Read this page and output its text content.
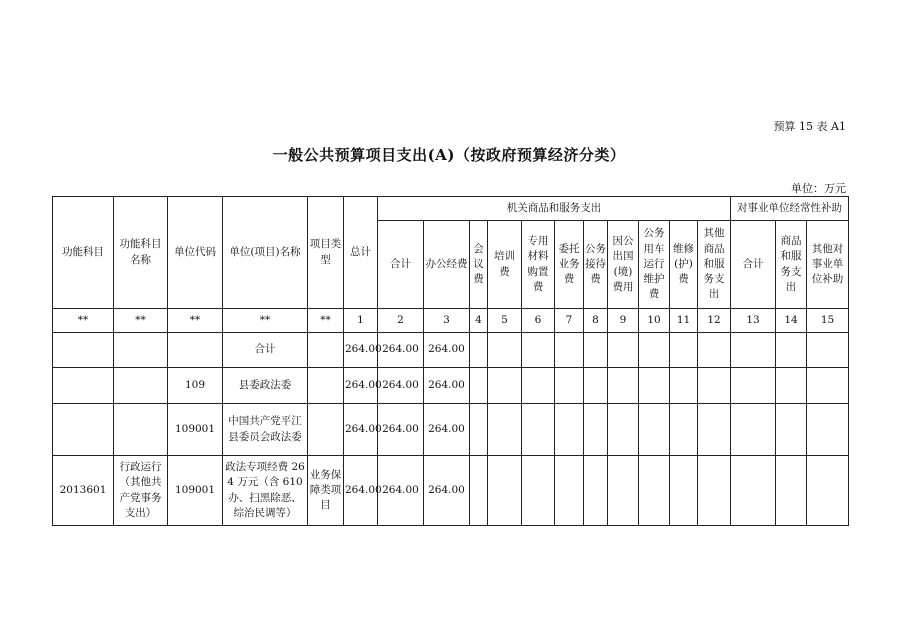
预算 15 表 A1
一般公共预算项目支出(A)（按政府预算经济分类）
单位：万元
功能科目	功能科目名称	单位代码	单位(项目)名称	项目类型	总计	机关商品和服务支出											对事业单位经常性补助		
						合计	办公经费	会议费	培训费	专用材料购置费	委托业务费	公务接待费	因公出国(境)费用	公务用车运行维护费	维修(护)费	其他商品和服务支出	合计	商品和服务支出	其他对事业单位补助
**	**	**	**	**	1	2	3	4	5	6	7	8	9	10	11	12	13	14	15
			合计		264.00	264.00	264.00												
		109	县委政法委		264.00	264.00	264.00												
		109001	中国共产党平江县委员会政法委		264.00	264.00	264.00												
2013601	行政运行（其他共产党事务支出）	109001	政法专项经费 264 万元（含 610 办、扫黑除恶、综治民调等）	业务保障类项目	264.00	264.00	264.00												
